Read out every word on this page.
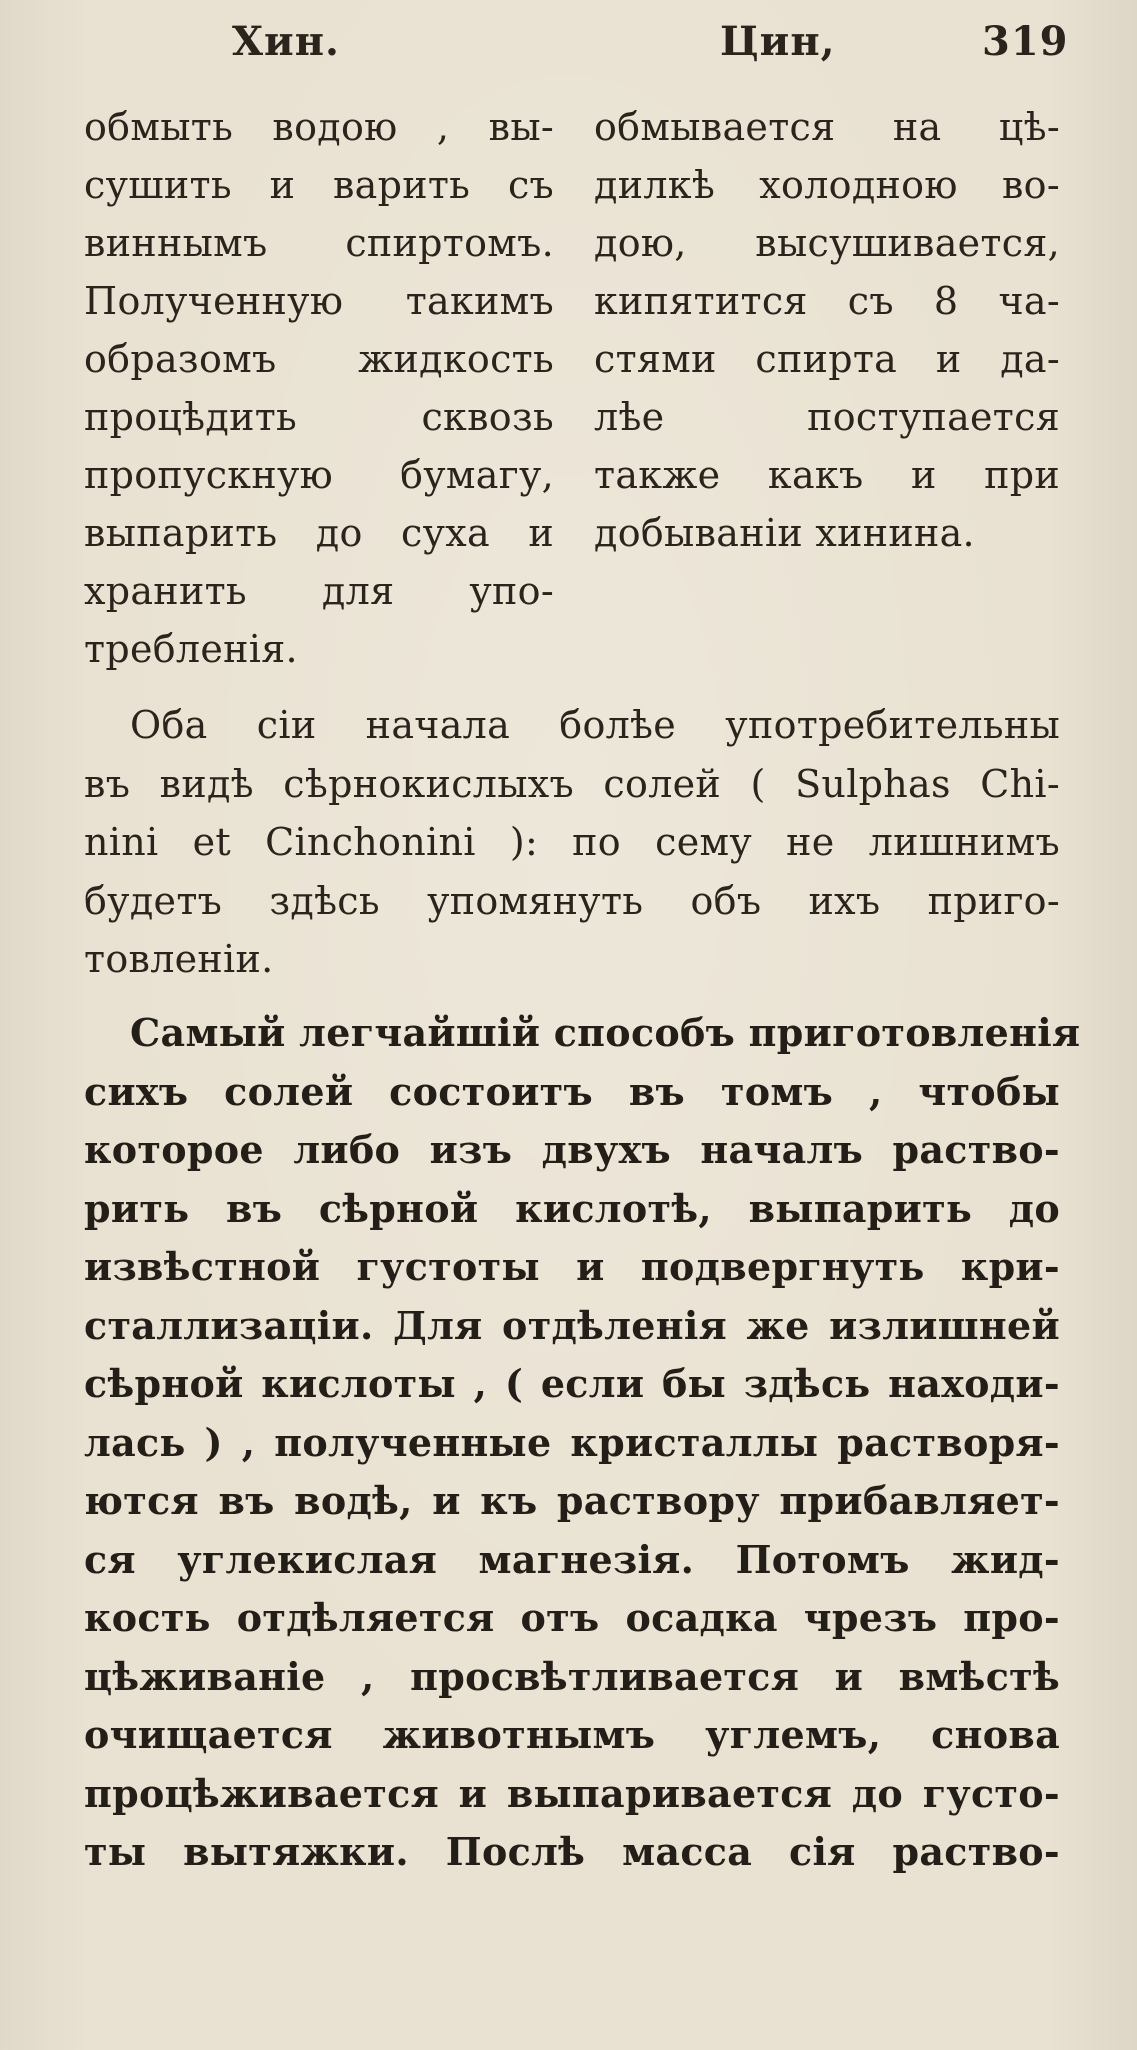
Хин.	Цин,	319
обмыть водою , вы-
сушить и варить съ
виннымъ спиртомъ.
Полученную такимъ
образомъ жидкость
процѣдить сквозь
пропускную бумагу,
выпарить до суха и
хранить для упо-
требленія.
обмывается на цѣ-
дилкѣ холодною во-
дою, высушивается,
кипятится съ 8 ча-
стями спирта и да-
лѣе поступается
также какъ и при
добываніи хинина.
Оба сіи начала болѣе употребительны
въ видѣ сѣрнокислыхъ солей ( Sulphas Chi-
nini et Cinchonini ): по сему не лишнимъ
будетъ здѣсь упомянуть объ ихъ приго-
товленіи.
Самый легчайшій способъ приготовленія
сихъ солей состоитъ въ томъ , чтобы
которое либо изъ двухъ началъ раство-
рить въ сѣрной кислотѣ, выпарить до
извѣстной густоты и подвергнуть кри-
сталлизаціи. Для отдѣленія же излишней
сѣрной кислоты , ( если бы здѣсь находи-
лась ) , полученные кристаллы растворя-
ются въ водѣ, и къ раствору прибавляет-
ся углекислая магнезія. Потомъ жид-
кость отдѣляется отъ осадка чрезъ про-
цѣживаніе , просвѣтливается и вмѣстѣ
очищается животнымъ углемъ, снова
процѣживается и выпаривается до густо-
ты вытяжки. Послѣ масса сія раство-
